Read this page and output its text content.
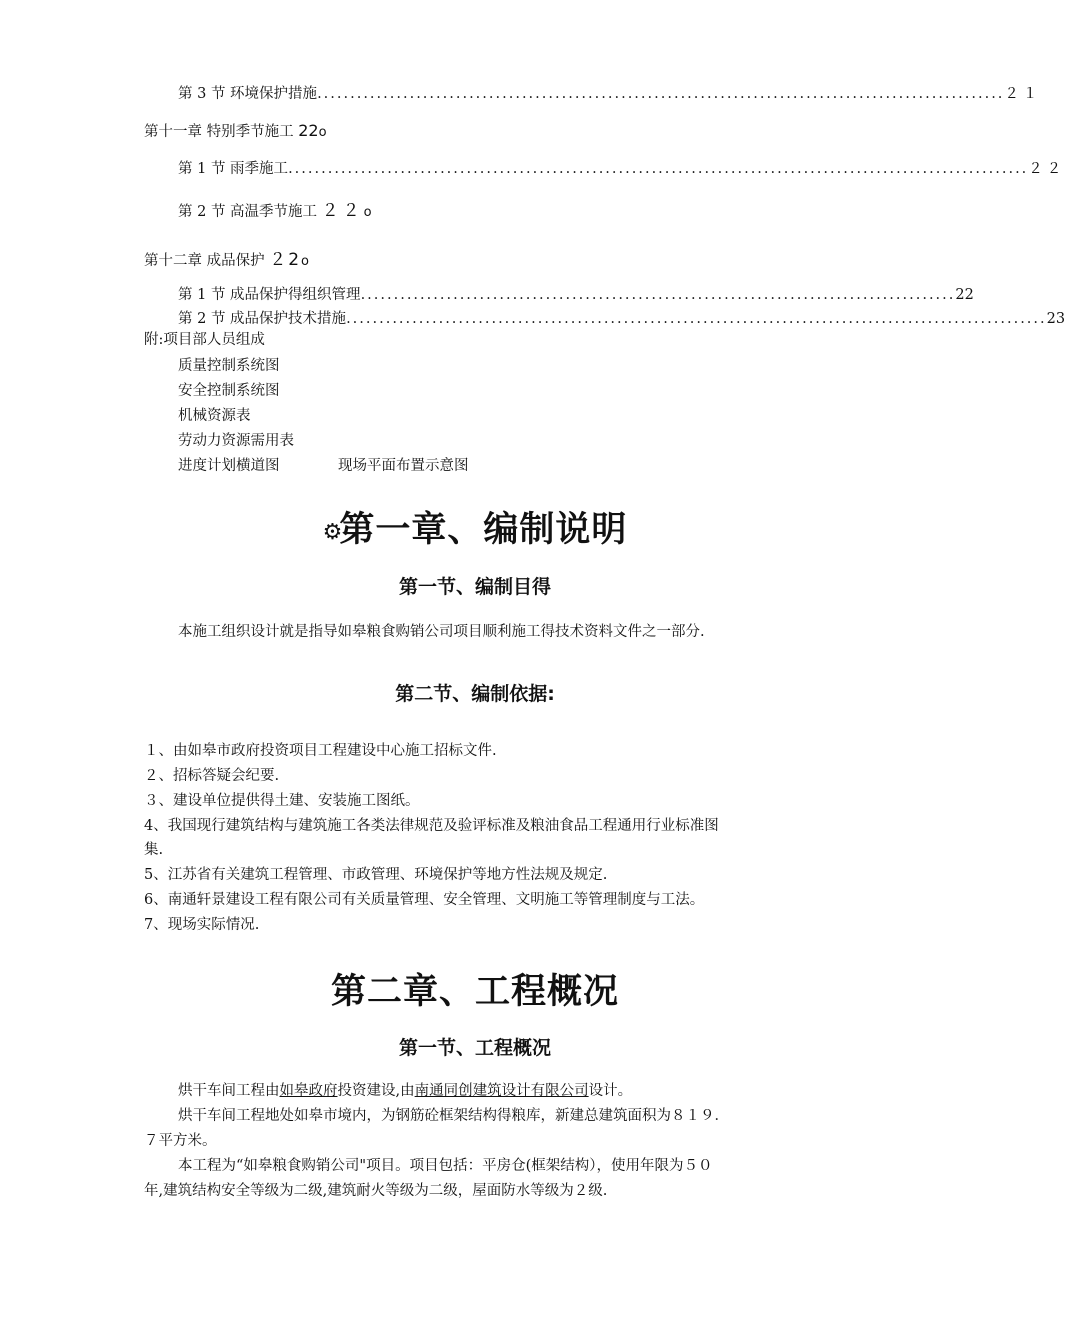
第 3 节 环境保护措施 ........................................................................................................ ２１
第十一章 特别季节施工 22o
第 1 节 雨季施工 ................................................................................................................ ２２
第 2 节 高温季节施工 ２２o
第十二章 成品保护 ２2o
第 1 节 成品保护得组织管理 .......................................................................................... 22
第 2 节 成品保护技术措施 .......................................................................................................... 23
附:项目部人员组成
质量控制系统图
安全控制系统图
机械资源表
劳动力资源需用表
进度计划横道图	现场平面布置示意图
⚙第一章、编制说明
第一节、编制目得
本施工组织设计就是指导如皋粮食购销公司项目顺利施工得技术资料文件之一部分.
第二节、编制依据:
１、由如皋市政府投资项目工程建设中心施工招标文件.
２、招标答疑会纪要.
３、建设单位提供得土建、安装施工图纸。
4、我国现行建筑结构与建筑施工各类法律规范及验评标准及粮油食品工程通用行业标准图
集.
5、江苏省有关建筑工程管理、市政管理、环境保护等地方性法规及规定.
6、南通轩景建设工程有限公司有关质量管理、安全管理、文明施工等管理制度与工法。
7、现场实际情况.
第二章、工程概况
第一节、工程概况
烘干车间工程由如皋政府投资建设,由南通同创建筑设计有限公司设计。
烘干车间工程地处如皋市境内，为钢筋砼框架结构得粮库，新建总建筑面积为８１９．
７平方米。
本工程为“如皋粮食购销公司"项目。项目包括：平房仓(框架结构），使用年限为５０
年,建筑结构安全等级为二级,建筑耐火等级为二级，屋面防水等级为２级.
